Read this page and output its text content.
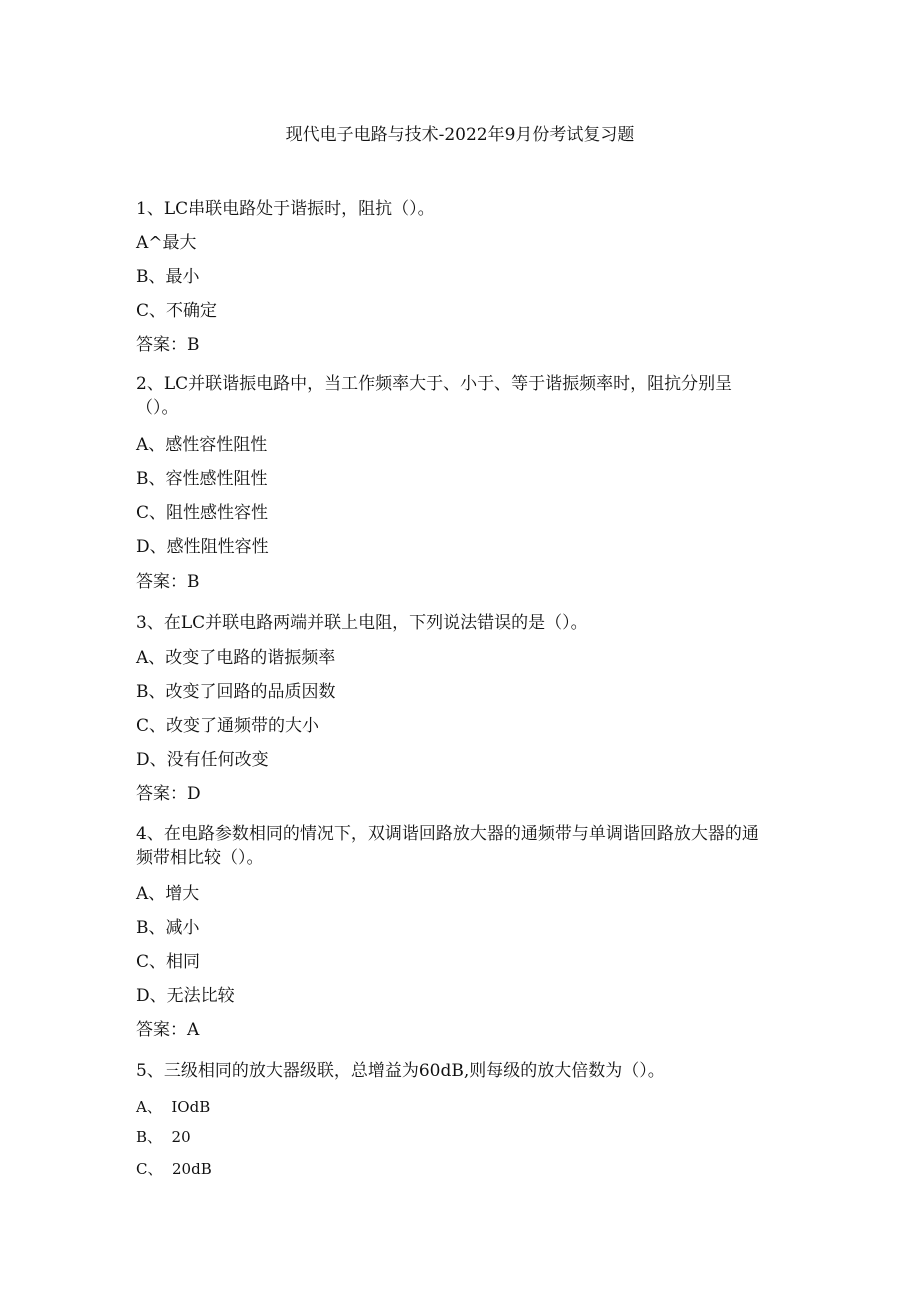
现代电子电路与技术-2022年9月份考试复习题
1、LC串联电路处于谐振时，阻抗（）。
A^最大
B、最小
C、不确定
答案：B
2、LC并联谐振电路中，当工作频率大于、小于、等于谐振频率时，阻抗分别呈（）。
A、感性容性阻性
B、容性感性阻性
C、阻性感性容性
D、感性阻性容性
答案：B
3、在LC并联电路两端并联上电阻，下列说法错误的是（）。
A、改变了电路的谐振频率
B、改变了回路的品质因数
C、改变了通频带的大小
D、没有任何改变
答案：D
4、在电路参数相同的情况下，双调谐回路放大器的通频带与单调谐回路放大器的通频带相比较（）。
A、增大
B、减小
C、相同
D、无法比较
答案：A
5、三级相同的放大器级联，总增益为60dB,则每级的放大倍数为（）。
A、  IOdB
B、  20
C、  20dB
